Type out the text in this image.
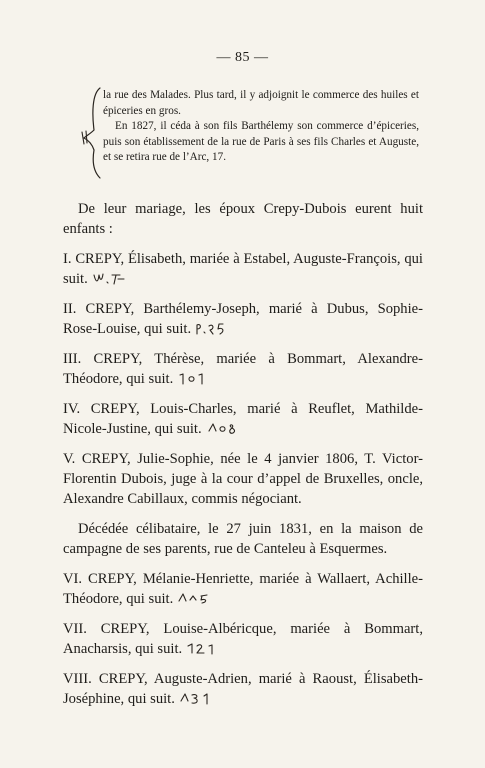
— 85 —

la rue des Malades. Plus tard, il y adjoignit le commerce des huiles et épiceries en gros.

En 1827, il céda à son fils Barthélemy son commerce d’épiceries, puis son établissement de la rue de Paris à ses fils Charles et Auguste, et se retira rue de l’Arc, 17.

De leur mariage, les époux Crepy-Dubois eurent huit enfants :

I. CREPY, Élisabeth, mariée à Estabel, Auguste-François, qui suit.

II. CREPY, Barthélemy-Joseph, marié à Dubus, Sophie-Rose-Louise, qui suit.

III. CREPY, Thérèse, mariée à Bommart, Alexandre-Théodore, qui suit.

IV. CREPY, Louis-Charles, marié à Reuflet, Mathilde-Nicole-Justine, qui suit.

V. CREPY, Julie-Sophie, née le 4 janvier 1806, T. Victor-Florentin Dubois, juge à la cour d’appel de Bruxelles, oncle, Alexandre Cabillaux, commis négociant.

Décédée célibataire, le 27 juin 1831, en la maison de campagne de ses parents, rue de Canteleu à Esquermes.

VI. CREPY, Mélanie-Henriette, mariée à Wallaert, Achille-Théodore, qui suit.

VII. CREPY, Louise-Albéricque, mariée à Bommart, Anacharsis, qui suit.

VIII. CREPY, Auguste-Adrien, marié à Raoust, Élisabeth-Joséphine, qui suit.
